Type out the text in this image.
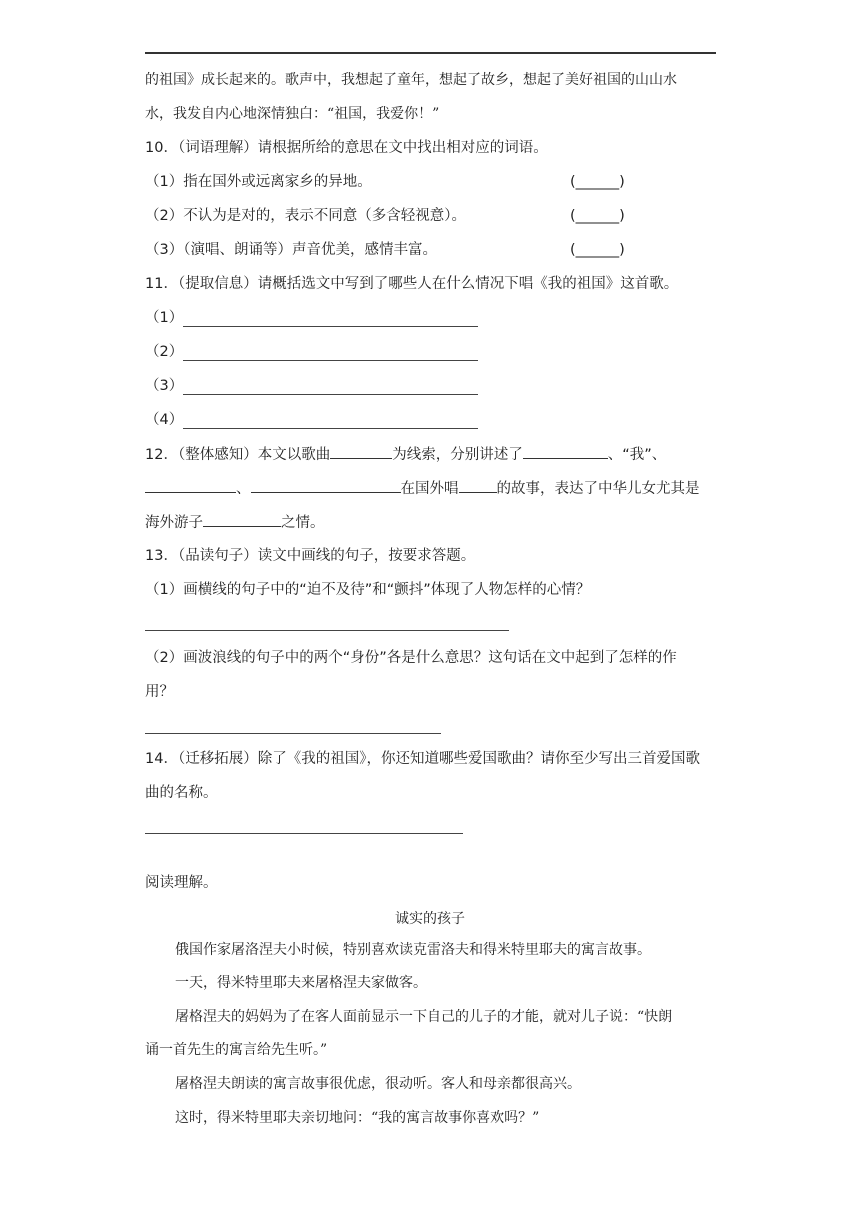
的祖国》成长起来的。歌声中，我想起了童年，想起了故乡，想起了美好祖国的山山水
水，我发自内心地深情独白：“祖国，我爱你！”
10．（词语理解）请根据所给的意思在文中找出相对应的词语。
（1）指在国外或远离家乡的异地。	(______)
（2）不认为是对的，表示不同意（多含轻视意）。	(______)
（3）（演唱、朗诵等）声音优美，感情丰富。	(______)
11．（提取信息）请概括选文中写到了哪些人在什么情况下唱《我的祖国》这首歌。
（1）
（2）
（3）
（4）
12．（整体感知）本文以歌曲	为线索，分别讲述了	、“我”、
、	在国外唱	的故事，表达了中华儿女尤其是
海外游子	之情。
13．（品读句子）读文中画线的句子，按要求答题。
（1）画横线的句子中的“迫不及待”和“颤抖”体现了人物怎样的心情？
（2）画波浪线的句子中的两个“身份”各是什么意思？这句话在文中起到了怎样的作
用？
14．（迁移拓展）除了《我的祖国》，你还知道哪些爱国歌曲？请你至少写出三首爱国歌
曲的名称。
阅读理解。
诚实的孩子
俄国作家屠洛涅夫小时候，特别喜欢读克雷洛夫和得米特里耶夫的寓言故事。
一天，得米特里耶夫来屠格涅夫家做客。
屠格涅夫的妈妈为了在客人面前显示一下自己的儿子的才能，就对儿子说：“快朗
诵一首先生的寓言给先生听。”
屠格涅夫朗读的寓言故事很优虑，很动听。客人和母亲都很高兴。
这时，得米特里耶夫亲切地问：“我的寓言故事你喜欢吗？”
